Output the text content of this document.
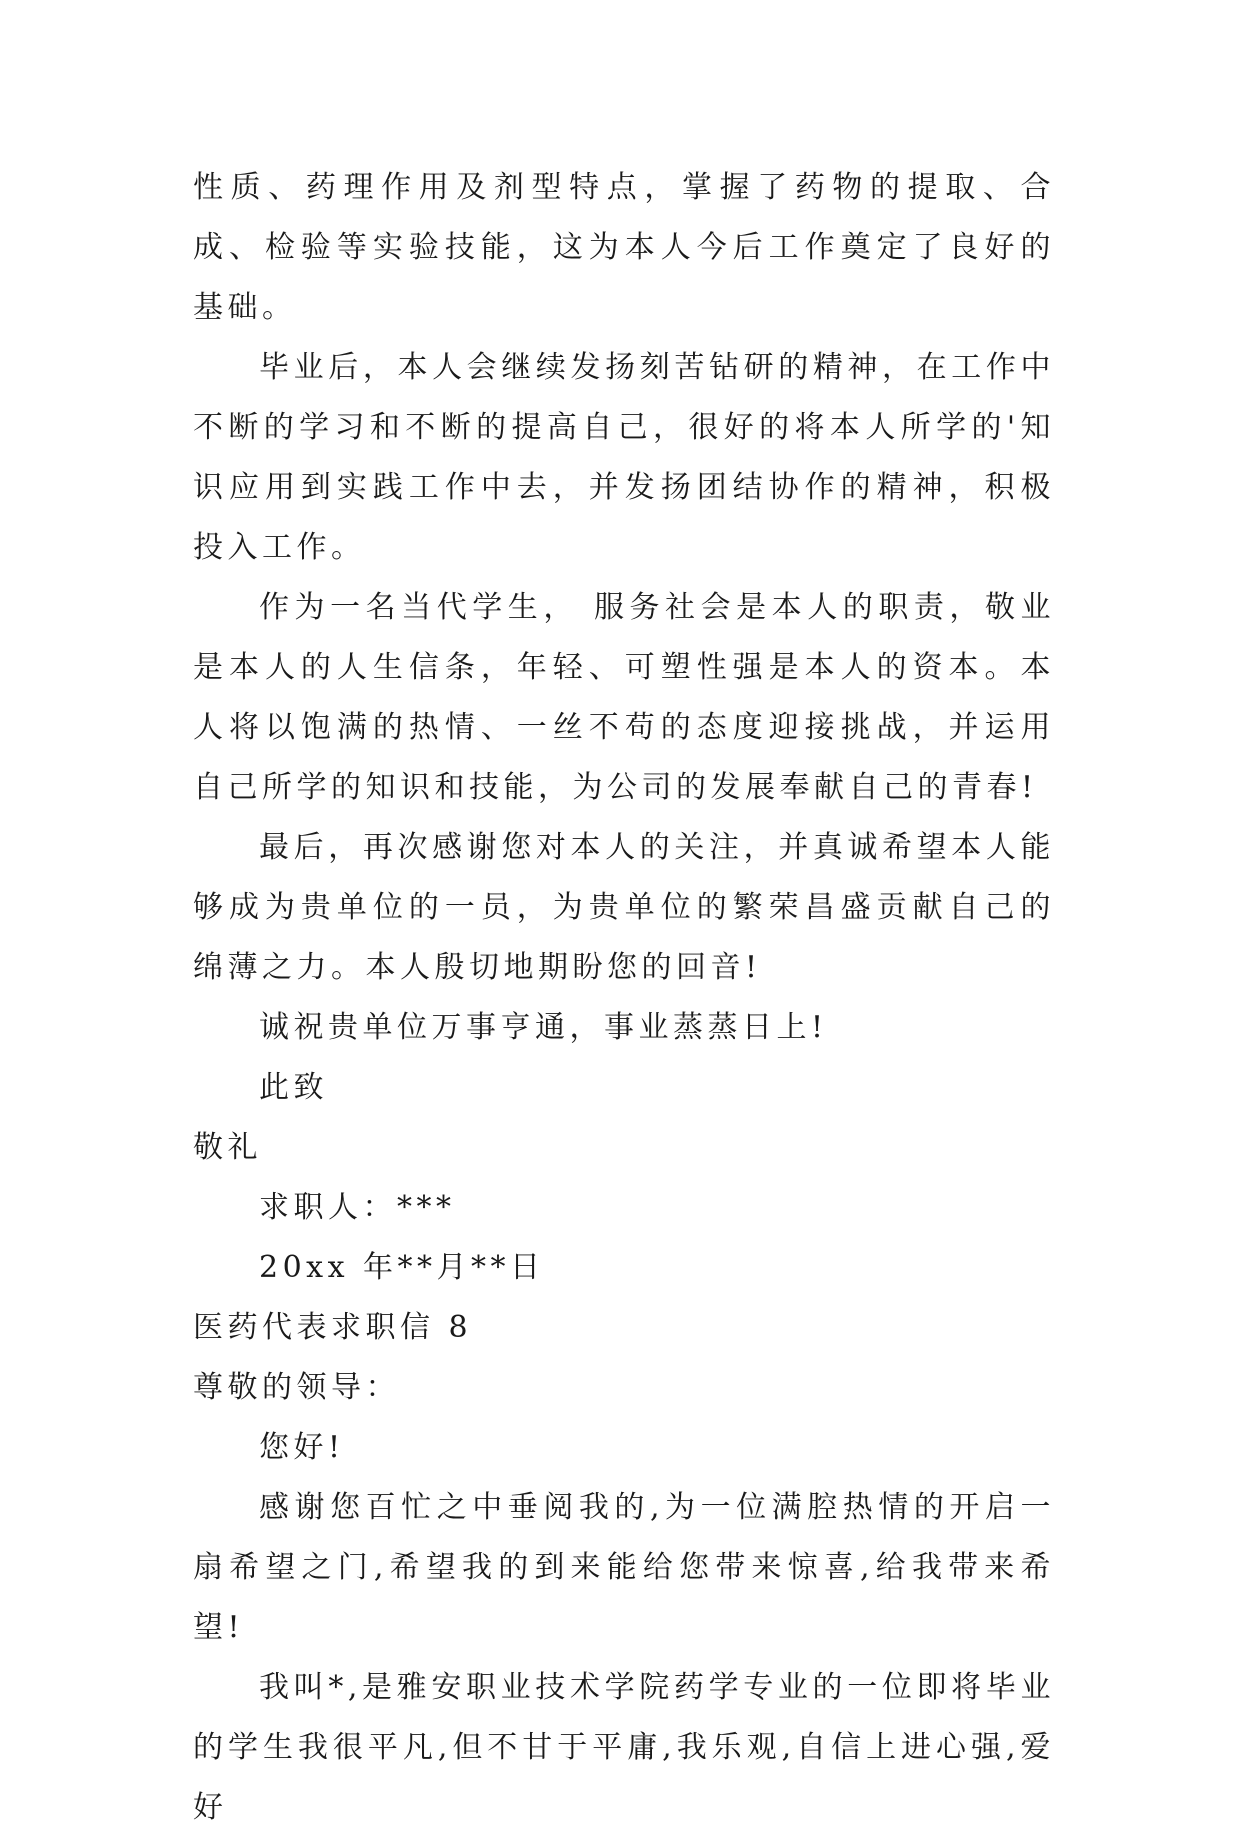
性质、药理作用及剂型特点，掌握了药物的提取、合成、检验等实验技能，这为本人今后工作奠定了良好的基础。

毕业后，本人会继续发扬刻苦钻研的精神，在工作中不断的学习和不断的提高自己，很好的将本人所学的'知识应用到实践工作中去，并发扬团结协作的精神，积极投入工作。

作为一名当代学生， 服务社会是本人的职责，敬业是本人的人生信条，年轻、可塑性强是本人的资本。本人将以饱满的热情、一丝不苟的态度迎接挑战，并运用自己所学的知识和技能，为公司的发展奉献自己的青春!

最后，再次感谢您对本人的关注，并真诚希望本人能够成为贵单位的一员，为贵单位的繁荣昌盛贡献自己的绵薄之力。本人殷切地期盼您的回音!

诚祝贵单位万事亨通，事业蒸蒸日上!

此致

敬礼

求职人：***

20xx 年**月**日

医药代表求职信 8

尊敬的领导：

您好!

感谢您百忙之中垂阅我的,为一位满腔热情的开启一扇希望之门,希望我的到来能给您带来惊喜,给我带来希望!

我叫*,是雅安职业技术学院药学专业的一位即将毕业的学生我很平凡,但不甘于平庸,我乐观,自信上进心强,爱好
